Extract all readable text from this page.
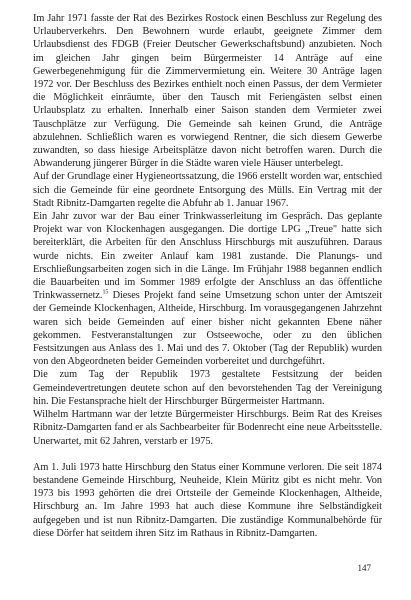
Im Jahr 1971 fasste der Rat des Bezirkes Rostock einen Beschluss zur Regelung des Urlauberverkehrs. Den Bewohnern wurde erlaubt, geeignete Zimmer dem Urlaubsdienst des FDGB (Freier Deutscher Gewerkschaftsbund) anzubieten. Noch im gleichen Jahr gingen beim Bürgermeister 14 Anträge auf eine Gewerbegenehmigung für die Zimmervermietung ein. Weitere 30 Anträge lagen 1972 vor. Der Beschluss des Bezirkes enthielt noch einen Passus, der dem Vermieter die Möglichkeit einräumte, über den Tausch mit Feriengästen selbst einen Urlaubsplatz zu erhalten. Innerhalb einer Saison standen dem Vermieter zwei Tauschplätze zur Verfügung. Die Gemeinde sah keinen Grund, die Anträge abzulehnen. Schließlich waren es vorwiegend Rentner, die sich diesem Gewerbe zuwandten, so dass hiesige Arbeitsplätze davon nicht betroffen waren. Durch die Abwanderung jüngerer Bürger in die Städte waren viele Häuser unterbelegt.

Auf der Grundlage einer Hygieneortssatzung, die 1966 erstellt worden war, entschied sich die Gemeinde für eine geordnete Entsorgung des Mülls. Ein Vertrag mit der Stadt Ribnitz-Damgarten regelte die Abfuhr ab 1. Januar 1967.

Ein Jahr zuvor war der Bau einer Trinkwasserleitung im Gespräch. Das geplante Projekt war von Klockenhagen ausgegangen. Die dortige LPG „Treue" hatte sich bereiterklärt, die Arbeiten für den Anschluss Hirschburgs mit auszuführen. Daraus wurde nichts. Ein zweiter Anlauf kam 1981 zustande. Die Planungs- und Erschließungsarbeiten zogen sich in die Länge. Im Frühjahr 1988 begannen endlich die Bauarbeiten und im Sommer 1989 erfolgte der Anschluss an das öffentliche Trinkwassernetz.$^{15}$ Dieses Projekt fand seine Umsetzung schon unter der Amtszeit der Gemeinde Klockenhagen, Altheide, Hirschburg. Im vorausgegangenen Jahrzehnt waren sich beide Gemeinden auf einer bisher nicht gekannten Ebene näher gekommen. Festveranstaltungen zur Ostseewoche, oder zu den üblichen Festsitzungen aus Anlass des 1. Mai und des 7. Oktober (Tag der Republik) wurden von den Abgeordneten beider Gemeinden vorbereitet und durchgeführt.

Die zum Tag der Republik 1973 gestaltete Festsitzung der beiden Gemeindevertretungen deutete schon auf den bevorstehenden Tag der Vereinigung hin. Die Festansprache hielt der Hirschburger Bürgermeister Hartmann.

Wilhelm Hartmann war der letzte Bürgermeister Hirschburgs. Beim Rat des Kreises Ribnitz-Damgarten fand er als Sachbearbeiter für Bodenrecht eine neue Arbeitsstelle. Unerwartet, mit 62 Jahren, verstarb er 1975.

Am 1. Juli 1973 hatte Hirschburg den Status einer Kommune verloren. Die seit 1874 bestandene Gemeinde Hirschburg, Neuheide, Klein Müritz gibt es nicht mehr. Von 1973 bis 1993 gehörten die drei Ortsteile der Gemeinde Klockenhagen, Altheide, Hirschburg an. Im Jahre 1993 hat auch diese Kommune ihre Selbständigkeit aufgegeben und ist nun Ribnitz-Damgarten. Die zuständige Kommunalbehörde für diese Dörfer hat seitdem ihren Sitz im Rathaus in Ribnitz-Damgarten.

147
